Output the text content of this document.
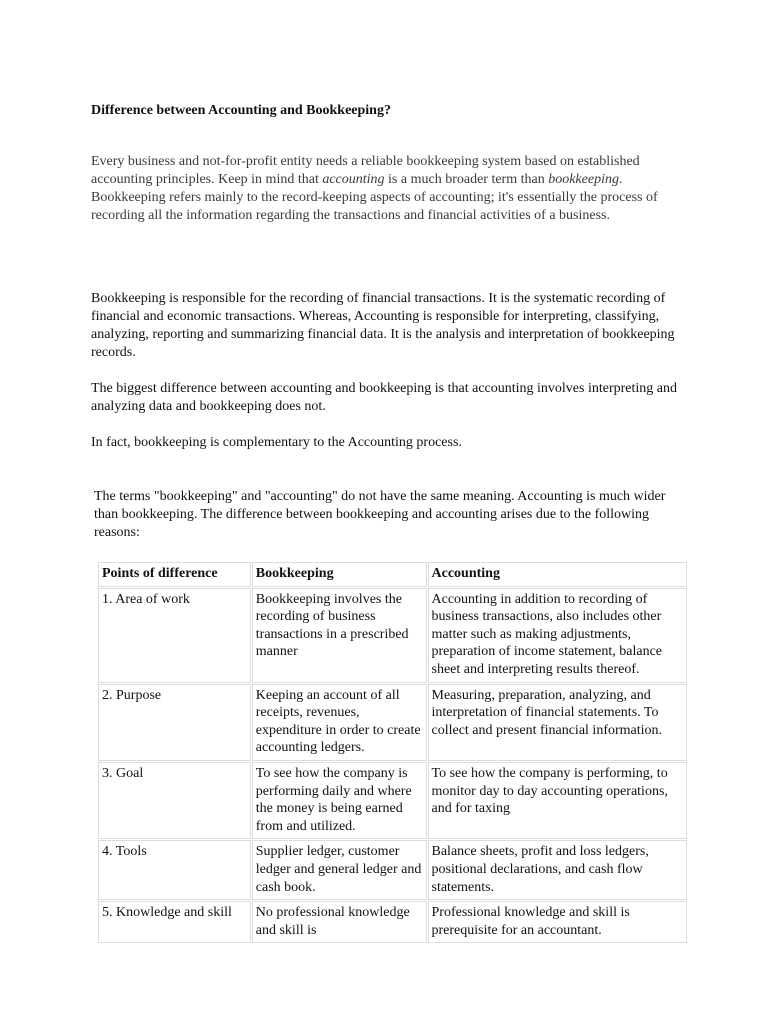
Difference between Accounting and Bookkeeping?

Every business and not-for-profit entity needs a reliable bookkeeping system based on established accounting principles. Keep in mind that accounting is a much broader term than bookkeeping. Bookkeeping refers mainly to the record-keeping aspects of accounting; it's essentially the process of recording all the information regarding the transactions and financial activities of a business.

Bookkeeping is responsible for the recording of financial transactions. It is the systematic recording of financial and economic transactions. Whereas, Accounting is responsible for interpreting, classifying, analyzing, reporting and summarizing financial data. It is the analysis and interpretation of bookkeeping records.

The biggest difference between accounting and bookkeeping is that accounting involves interpreting and analyzing data and bookkeeping does not.

In fact, bookkeeping is complementary to the Accounting process.

The terms "bookkeeping" and "accounting" do not have the same meaning. Accounting is much wider than bookkeeping. The difference between bookkeeping and accounting arises due to the following reasons:

Points of difference	Bookkeeping	Accounting
1. Area of work	Bookkeeping involves the recording of business transactions in a prescribed manner	Accounting in addition to recording of business transactions, also includes other matter such as making adjustments, preparation of income statement, balance sheet and interpreting results thereof.
2. Purpose	Keeping an account of all receipts, revenues, expenditure in order to create accounting ledgers.	Measuring, preparation, analyzing, and interpretation of financial statements. To collect and present financial information.
3. Goal	To see how the company is performing daily and where the money is being earned from and utilized.	To see how the company is performing, to monitor day to day accounting operations, and for taxing
4. Tools	Supplier ledger, customer ledger and general ledger and cash book.	Balance sheets, profit and loss ledgers, positional declarations, and cash flow statements.
5. Knowledge and skill	No professional knowledge and skill is	Professional knowledge and skill is prerequisite for an accountant.
